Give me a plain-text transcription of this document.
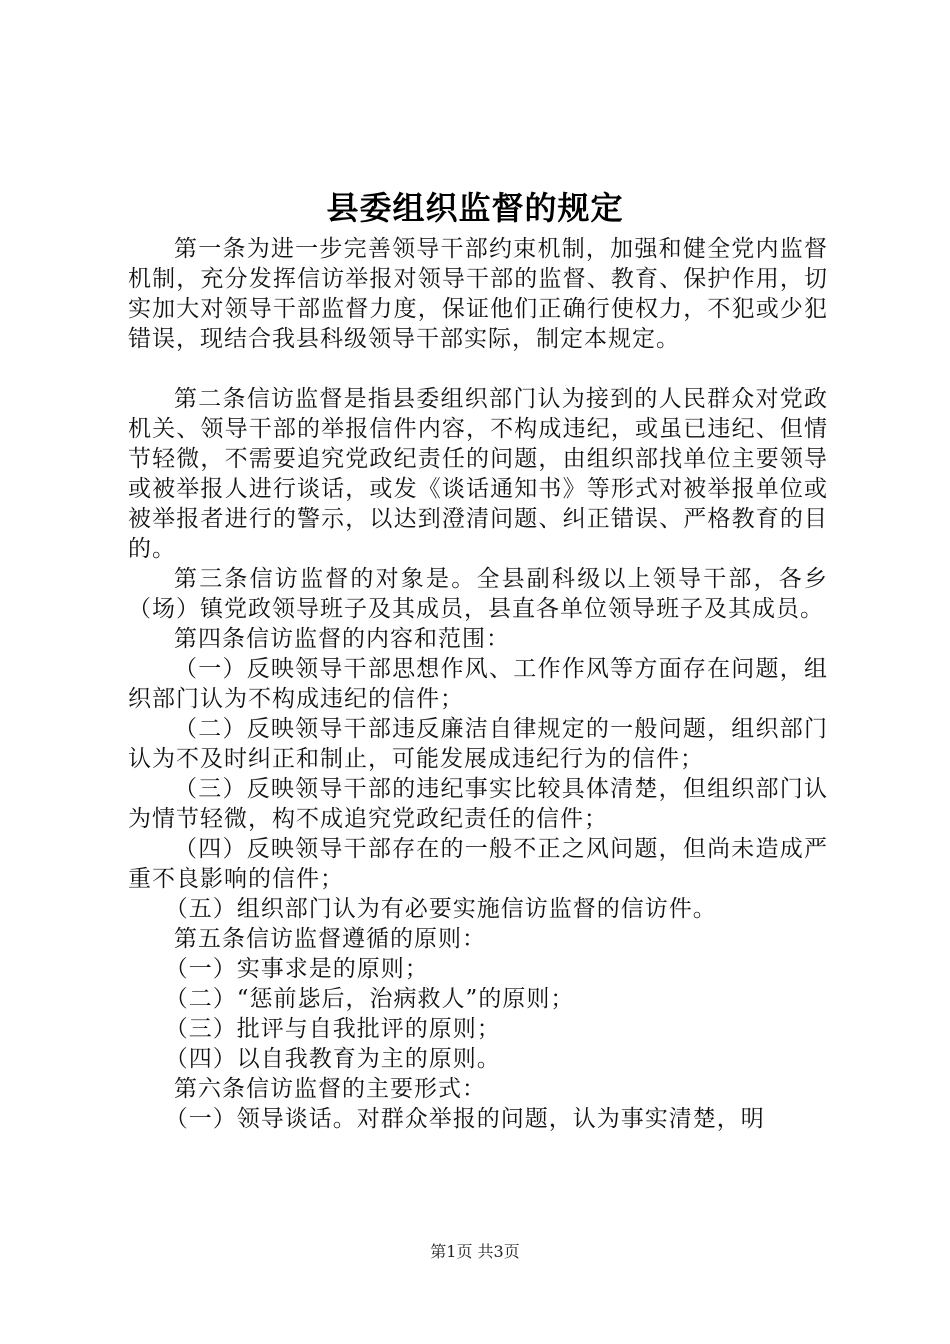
县委组织监督的规定

第一条为进一步完善领导干部约束机制，加强和健全党内监督机制，充分发挥信访举报对领导干部的监督、教育、保护作用，切实加大对领导干部监督力度，保证他们正确行使权力，不犯或少犯错误，现结合我县科级领导干部实际，制定本规定。

第二条信访监督是指县委组织部门认为接到的人民群众对党政机关、领导干部的举报信件内容，不构成违纪，或虽已违纪、但情节轻微，不需要追究党政纪责任的问题，由组织部找单位主要领导或被举报人进行谈话，或发《谈话通知书》等形式对被举报单位或被举报者进行的警示，以达到澄清问题、纠正错误、严格教育的目的。

第三条信访监督的对象是。全县副科级以上领导干部，各乡（场）镇党政领导班子及其成员，县直各单位领导班子及其成员。

第四条信访监督的内容和范围：

（一）反映领导干部思想作风、工作作风等方面存在问题，组织部门认为不构成违纪的信件；

（二）反映领导干部违反廉洁自律规定的一般问题，组织部门认为不及时纠正和制止，可能发展成违纪行为的信件；

（三）反映领导干部的违纪事实比较具体清楚，但组织部门认为情节轻微，构不成追究党政纪责任的信件；

（四）反映领导干部存在的一般不正之风问题，但尚未造成严重不良影响的信件；

（五）组织部门认为有必要实施信访监督的信访件。

第五条信访监督遵循的原则：

（一）实事求是的原则；

（二）“惩前毖后，治病救人”的原则；

（三）批评与自我批评的原则；

（四）以自我教育为主的原则。

第六条信访监督的主要形式：

（一）领导谈话。对群众举报的问题，认为事实清楚，明

第1页 共3页
